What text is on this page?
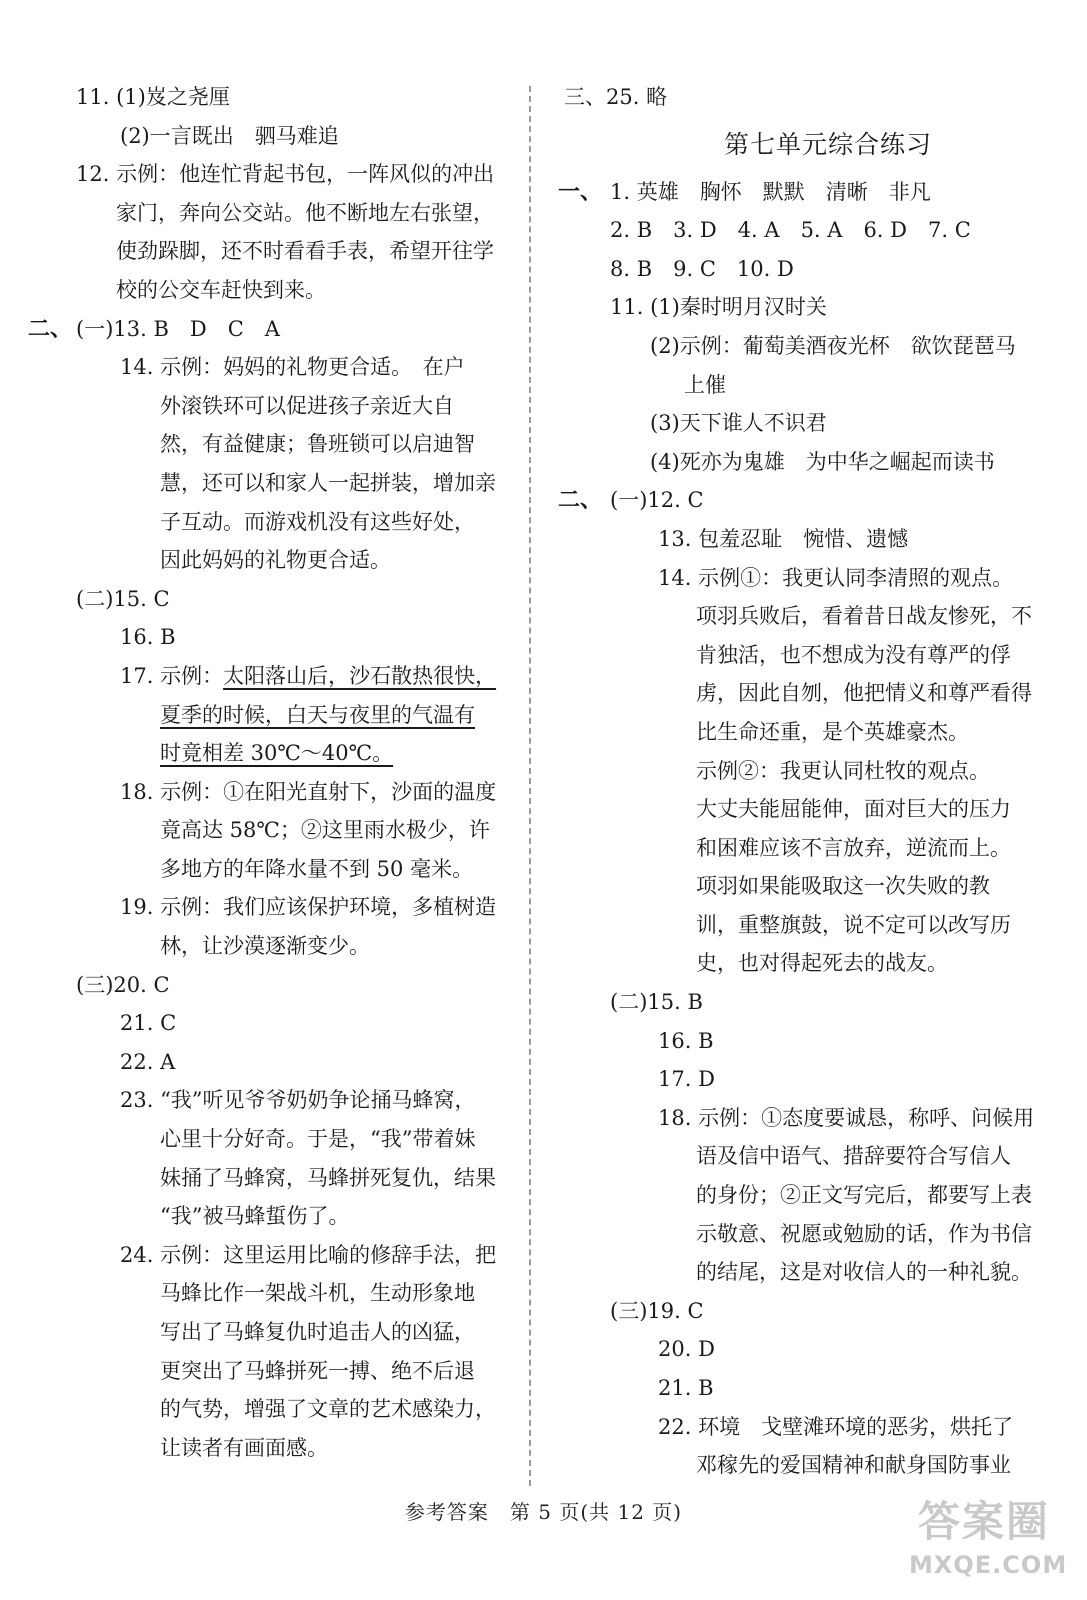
11. (1)岌之尧厘
(2)一言既出　驷马难追
12. 示例：他连忙背起书包，一阵风似的冲出
家门，奔向公交站。他不断地左右张望，
使劲跺脚，还不时看看手表，希望开往学
校的公交车赶快到来。
二、 (一)13. B　D　C　A
14. 示例：妈妈的礼物更合适。　在户
外滚铁环可以促进孩子亲近大自
然，有益健康；鲁班锁可以启迪智
慧，还可以和家人一起拼装，增加亲
子互动。而游戏机没有这些好处，
因此妈妈的礼物更合适。
(二)15. C
16. B
17. 示例：太阳落山后，沙石散热很快，
夏季的时候，白天与夜里的气温有
时竟相差 30℃～40℃。
18. 示例：①在阳光直射下，沙面的温度
竟高达 58℃；②这里雨水极少，许
多地方的年降水量不到 50 毫米。
19. 示例：我们应该保护环境，多植树造
林，让沙漠逐渐变少。
(三)20. C
21. C
22. A
23. “我”听见爷爷奶奶争论捅马蜂窝，
心里十分好奇。于是，“我”带着妹
妹捅了马蜂窝，马蜂拼死复仇，结果
“我”被马蜂蜇伤了。
24. 示例：这里运用比喻的修辞手法，把
马蜂比作一架战斗机，生动形象地
写出了马蜂复仇时追击人的凶猛，
更突出了马蜂拼死一搏、绝不后退
的气势，增强了文章的艺术感染力，
让读者有画面感。
三、25. 略
第七单元综合练习
一、 1. 英雄　胸怀　默默　清晰　非凡
2. B　3. D　4. A　5. A　6. D　7. C
8. B　9. C　10. D
11. (1)秦时明月汉时关
(2)示例：葡萄美酒夜光杯　欲饮琵琶马
上催
(3)天下谁人不识君
(4)死亦为鬼雄　为中华之崛起而读书
二、 (一)12. C
13. 包羞忍耻　惋惜、遗憾
14. 示例①：我更认同李清照的观点。
项羽兵败后，看着昔日战友惨死，不
肯独活，也不想成为没有尊严的俘
虏，因此自刎，他把情义和尊严看得
比生命还重，是个英雄豪杰。
示例②：我更认同杜牧的观点。
大丈夫能屈能伸，面对巨大的压力
和困难应该不言放弃，逆流而上。
项羽如果能吸取这一次失败的教
训，重整旗鼓，说不定可以改写历
史，也对得起死去的战友。
(二)15. B
16. B
17. D
18. 示例：①态度要诚恳，称呼、问候用
语及信中语气、措辞要符合写信人
的身份；②正文写完后，都要写上表
示敬意、祝愿或勉励的话，作为书信
的结尾，这是对收信人的一种礼貌。
(三)19. C
20. D
21. B
22. 环境　戈壁滩环境的恶劣，烘托了
邓稼先的爱国精神和献身国防事业
参考答案　第 5 页(共 12 页)	答案圈
MXQE.COM
